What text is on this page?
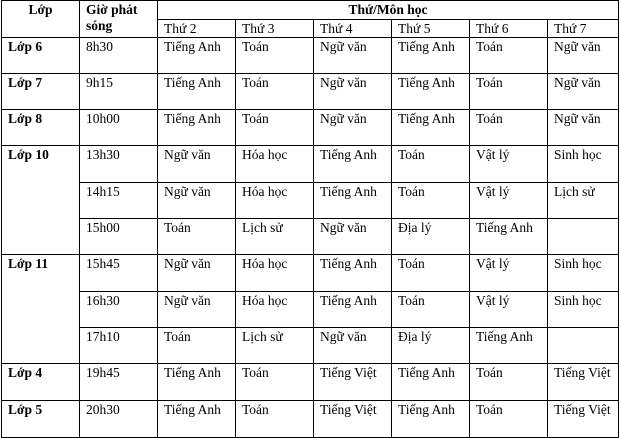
Lớp	Giờ phát sóng	Thứ/Môn học					
		Thứ 2	Thứ 3	Thứ 4	Thứ 5	Thứ 6	Thứ 7
Lớp 6	8h30	Tiếng Anh	Toán	Ngữ văn	Tiếng Anh	Toán	Ngữ văn
Lớp 7	9h15	Tiếng Anh	Toán	Ngữ văn	Tiếng Anh	Toán	Ngữ văn
Lớp 8	10h00	Tiếng Anh	Toán	Ngữ văn	Tiếng Anh	Toán	Ngữ văn
Lớp 10	13h30	Ngữ văn	Hóa học	Tiếng Anh	Toán	Vật lý	Sinh học
	14h15	Ngữ văn	Hóa học	Tiếng Anh	Toán	Vật lý	Lịch sử
	15h00	Toán	Lịch sử	Ngữ văn	Địa lý	Tiếng Anh	
Lớp 11	15h45	Ngữ văn	Hóa học	Tiếng Anh	Toán	Vật lý	Sinh học
	16h30	Ngữ văn	Hóa học	Tiếng Anh	Toán	Vật lý	Sinh học
	17h10	Toán	Lịch sử	Ngữ văn	Địa lý	Tiếng Anh	
Lớp 4	19h45	Tiếng Anh	Toán	Tiếng Việt	Tiếng Anh	Toán	Tiếng Việt
Lớp 5	20h30	Tiếng Anh	Toán	Tiếng Việt	Tiếng Anh	Toán	Tiếng Việt
